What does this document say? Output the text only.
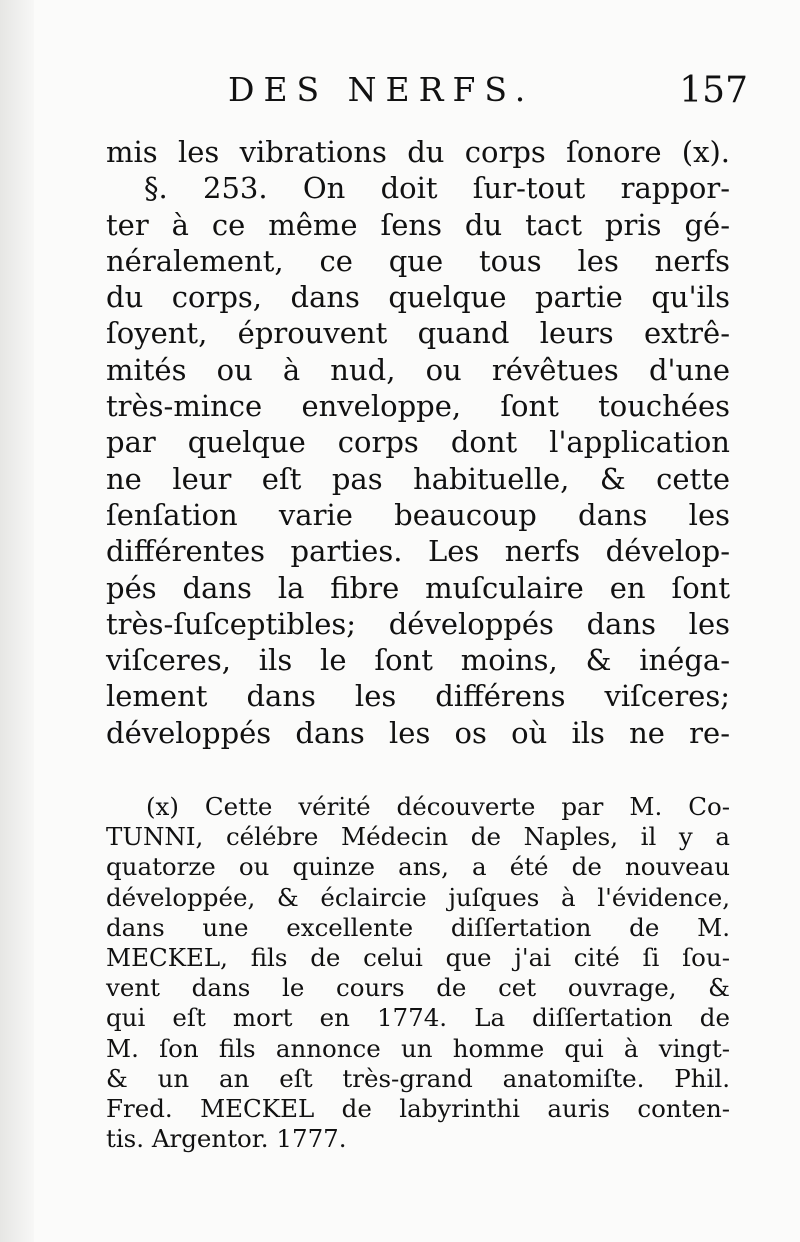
DES NERFS.	157
mis les vibrations du corps ſonore (x).
§. 253. On doit ſur-tout rappor-
ter à ce même ſens du tact pris gé-
néralement, ce que tous les nerfs
du corps, dans quelque partie qu'ils
ſoyent, éprouvent quand leurs extrê-
mités ou à nud, ou révêtues d'une
très-mince enveloppe, ſont touchées
par quelque corps dont l'application
ne leur eſt pas habituelle, & cette
ſenſation varie beaucoup dans les
différentes parties. Les nerfs dévelop-
pés dans la fibre muſculaire en ſont
très-ſuſceptibles; développés dans les
viſceres, ils le ſont moins, & inéga-
lement dans les différens viſceres;
développés dans les os où ils ne re-
(x) Cette vérité découverte par M. Co-
TUNNI, célébre Médecin de Naples, il y a
quatorze ou quinze ans, a été de nouveau
développée, & éclaircie juſques à l'évidence,
dans une excellente diſſertation de M.
MECKEL, fils de celui que j'ai cité ſi ſou-
vent dans le cours de cet ouvrage, &
qui eſt mort en 1774. La diſſertation de
M. ſon fils annonce un homme qui à vingt-
& un an eſt très-grand anatomiſte. Phil.
Fred. MECKEL de labyrinthi auris conten-
tis. Argentor. 1777.
